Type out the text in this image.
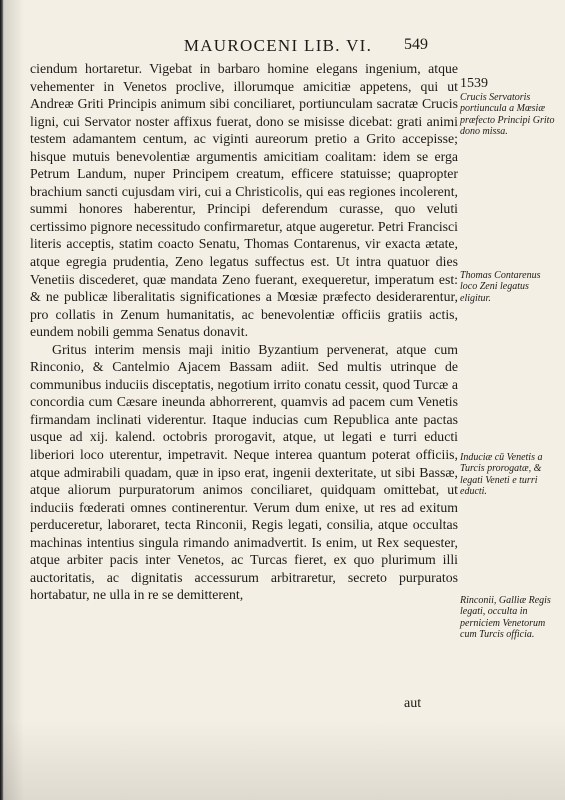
MAUROCENI LIB. VI.	549

ciendum hortaretur. Vigebat in barbaro homine elegans ingenium, atque vehementer in Venetos proclive, illorumque amicitiæ appetens, qui ut Andreæ Griti Principis animum sibi conciliaret, portiunculam sacratæ Crucis ligni, cui Servator noster affixus fuerat, dono se misisse dicebat: grati animi testem adamantem centum, ac viginti aureorum pretio a Grito accepisse; hisque mutuis benevolentiæ argumentis amicitiam coalitam: idem se erga Petrum Landum, nuper Principem creatum, efficere statuisse; quapropter brachium sancti cujusdam viri, cui a Christicolis, qui eas regiones incolerent, summi honores haberentur, Principi deferendum curasse, quo veluti certissimo pignore necessitudo confirmaretur, atque augeretur. Petri Francisci literis acceptis, statim coacto Senatu, Thomas Contarenus, vir exacta ætate, atque egregia prudentia, Zeno legatus suffectus est. Ut intra quatuor dies Venetiis discederet, quæ mandata Zeno fuerant, exequeretur, imperatum est: & ne publicæ liberalitatis significationes a Mœsiæ præfecto desiderarentur, pro collatis in Zenum humanitatis, ac benevolentiæ officiis gratiis actis, eundem nobili gemma Senatus donavit.

Gritus interim mensis maji initio Byzantium pervenerat, atque cum Rinconio, & Cantelmio Ajacem Bassam adiit. Sed multis utrinque de communibus induciis disceptatis, negotium irrito conatu cessit, quod Turcæ a concordia cum Cæsare ineunda abhorrerent, quamvis ad pacem cum Venetis firmandam inclinati viderentur. Itaque inducias cum Republica ante pactas usque ad xij. kalend. octobris prorogavit, atque, ut legati e turri educti liberiori loco uterentur, impetravit. Neque interea quantum poterat officiis, atque admirabili quadam, quæ in ipso erat, ingenii dexteritate, ut sibi Bassæ, atque aliorum purpuratorum animos conciliaret, quidquam omittebat, ut induciis fœderati omnes continerentur. Verum dum enixe, ut res ad exitum perduceretur, laboraret, tecta Rinconii, Regis legati, consilia, atque occultas machinas intentius singula rimando animadvertit. Is enim, ut Rex sequester, atque arbiter pacis inter Venetos, ac Turcas fieret, ex quo plurimum illi auctoritatis, ac dignitatis accessurum arbitraretur, secreto purpuratos hortabatur, ne ulla in re se demitterent,

aut
1539
Crucis Servatoris portiuncula a Mœsiæ præfecto Principi Grito dono missa.
Thomas Contarenus loco Zeni legatus eligitur.
Induciæ cū Venetis a Turcis prorogatæ, & legati Veneti e turri educti.
Rinconii, Galliæ Regis legati, occulta in perniciem Venetorum cum Turcis officia.
